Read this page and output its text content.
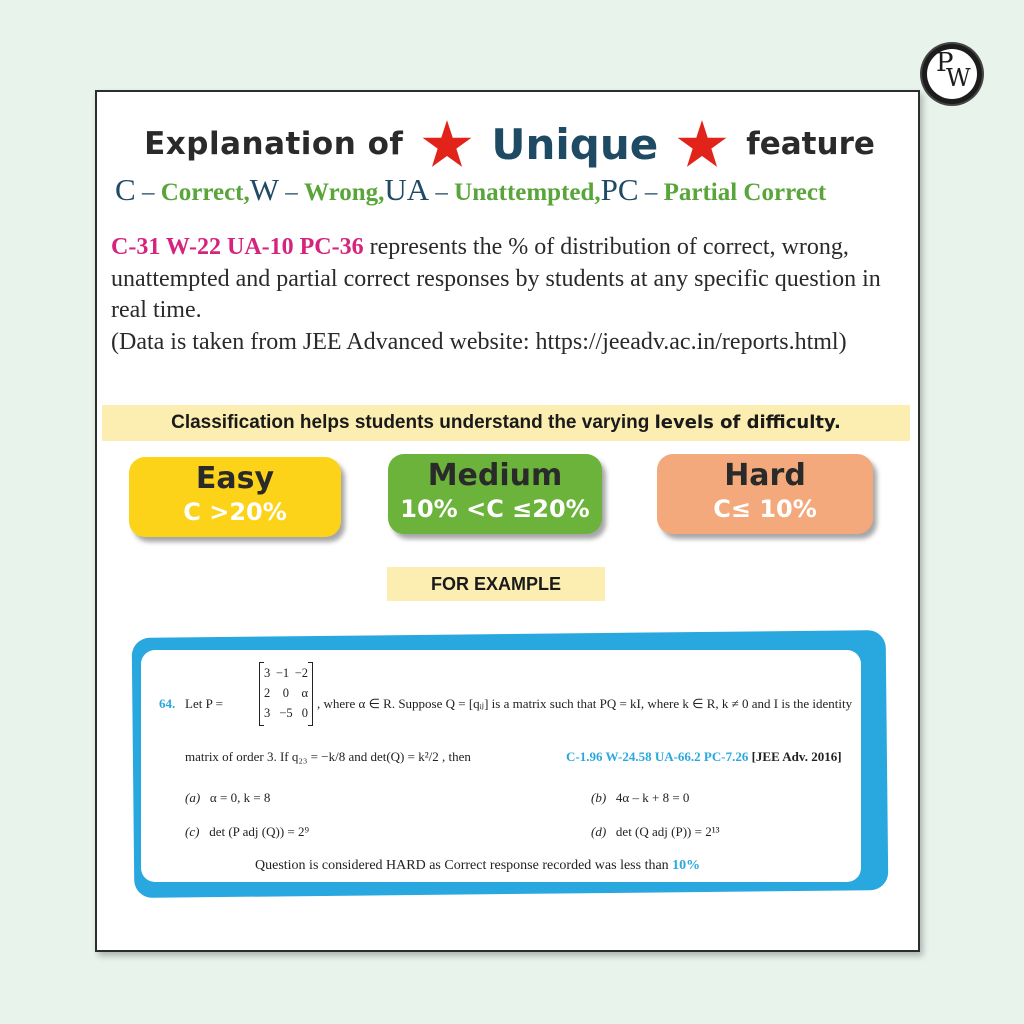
P
W
Explanation of Unique	feature
C – Correct,W – Wrong,UA – Unattempted,PC – Partial Correct
C-31 W-22 UA-10 PC-36 represents the % of distribution of correct, wrong, unattempted and partial correct responses by students at any specific question in real time.
(Data is taken from JEE Advanced website: https://jeeadv.ac.in/reports.html)
Classification helps students understand the varying levels of difficulty.
Easy
C >20%
Medium
10% <C ≤20%
Hard
C≤ 10%
FOR EXAMPLE
64. Let P =
3 −1 −2
2 0 α
3 −5 0
, where α ∈ R. Suppose Q = [qᵢⱼ] is a matrix such that PQ = kI, where k ∈ R, k ≠ 0 and I is the identity
matrix of order 3. If q₂₃ = −k/8 and det(Q) = k²/2 , then	C-1.96 W-24.58 UA-66.2 PC-7.26 [JEE Adv. 2016]
(a) α = 0, k = 8	(b) 4α – k + 8 = 0
(c) det (P adj (Q)) = 2⁹	(d) det (Q adj (P)) = 2¹³
Question is considered HARD as Correct response recorded was less than 10%
